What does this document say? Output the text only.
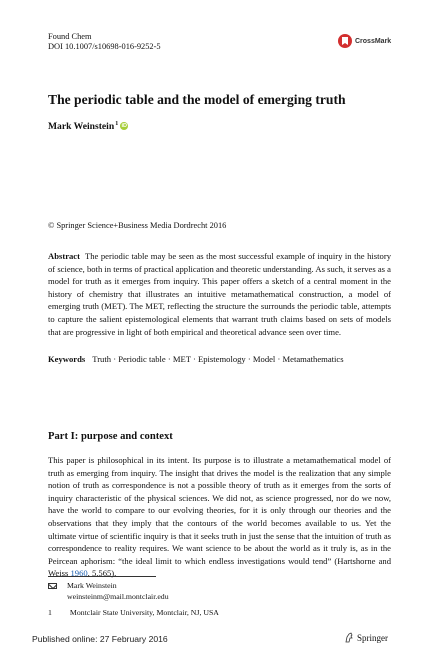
Found Chem
DOI 10.1007/s10698-016-9252-5
CrossMark
The periodic table and the model of emerging truth
Mark Weinstein$^1$ iD
© Springer Science+Business Media Dordrecht 2016
Abstract The periodic table may be seen as the most successful example of inquiry in the history of science, both in terms of practical application and theoretic understanding. As such, it serves as a model for truth as it emerges from inquiry. This paper offers a sketch of a central moment in the history of chemistry that illustrates an intuitive metamathematical construction, a model of emerging truth (MET). The MET, reflecting the structure the surrounds the periodic table, attempts to capture the salient epistemological elements that warrant truth claims based on sets of models that are progressive in light of both empirical and theoretical advance seen over time.
Keywords Truth · Periodic table · MET · Epistemology · Model · Metamathematics
Part I: purpose and context
This paper is philosophical in its intent. Its purpose is to illustrate a metamathematical model of truth as emerging from inquiry. The insight that drives the model is the realization that any simple notion of truth as correspondence is not a possible theory of truth as it emerges from the sorts of inquiry characteristic of the physical sciences. We did not, as science progressed, nor do we now, have the world to compare to our evolving theories, for it is only through our theories and the observations that they imply that the contours of the world becomes available to us. Yet the ultimate virtue of scientific inquiry is that it seeks truth in just the sense that the intuition of truth as correspondence to reality requires. We want science to be about the world as it truly is, as in the Peircean aphorism: “the ideal limit to which endless investigations would tend” (Hartshorne and Weiss 1960, 5.565).
Mark Weinstein
weinsteinm@mail.montclair.edu
1 Montclair State University, Montclair, NJ, USA
Published online: 27 February 2016	Springer
